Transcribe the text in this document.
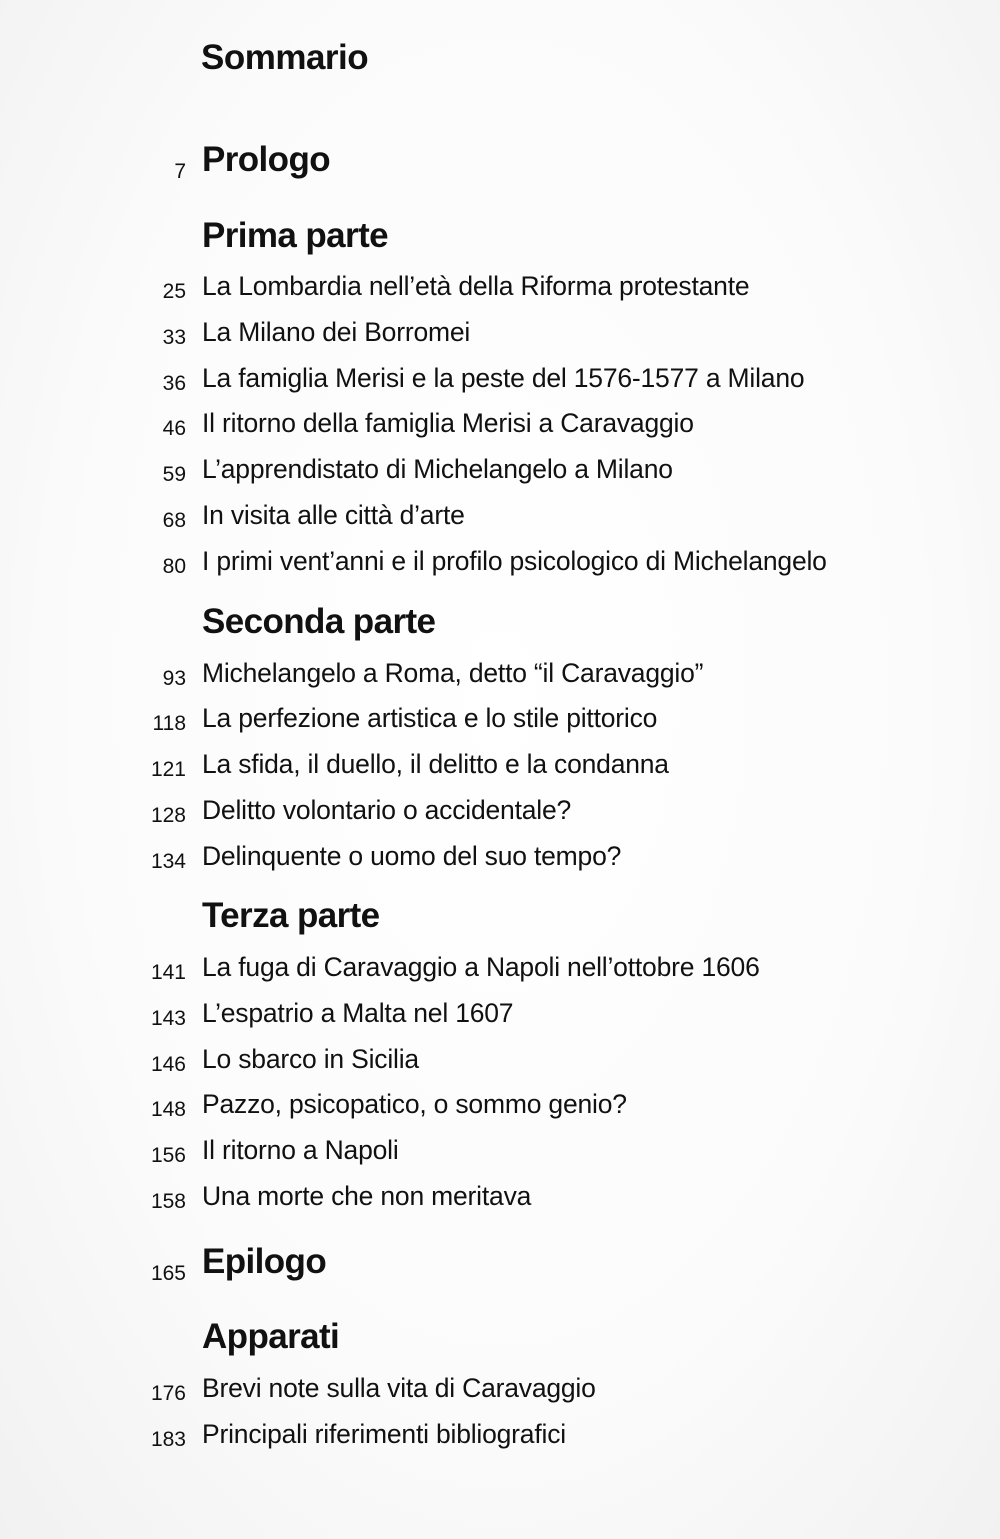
Sommario
7 Prologo
Prima parte
25 La Lombardia nell’età della Riforma protestante
33 La Milano dei Borromei
36 La famiglia Merisi e la peste del 1576-1577 a Milano
46 Il ritorno della famiglia Merisi a Caravaggio
59 L’apprendistato di Michelangelo a Milano
68 In visita alle città d’arte
80 I primi vent’anni e il profilo psicologico di Michelangelo
Seconda parte
93 Michelangelo a Roma, detto “il Caravaggio”
118 La perfezione artistica e lo stile pittorico
121 La sfida, il duello, il delitto e la condanna
128 Delitto volontario o accidentale?
134 Delinquente o uomo del suo tempo?
Terza parte
141 La fuga di Caravaggio a Napoli nell’ottobre 1606
143 L’espatrio a Malta nel 1607
146 Lo sbarco in Sicilia
148 Pazzo, psicopatico, o sommo genio?
156 Il ritorno a Napoli
158 Una morte che non meritava
165 Epilogo
Apparati
176 Brevi note sulla vita di Caravaggio
183 Principali riferimenti bibliografici
